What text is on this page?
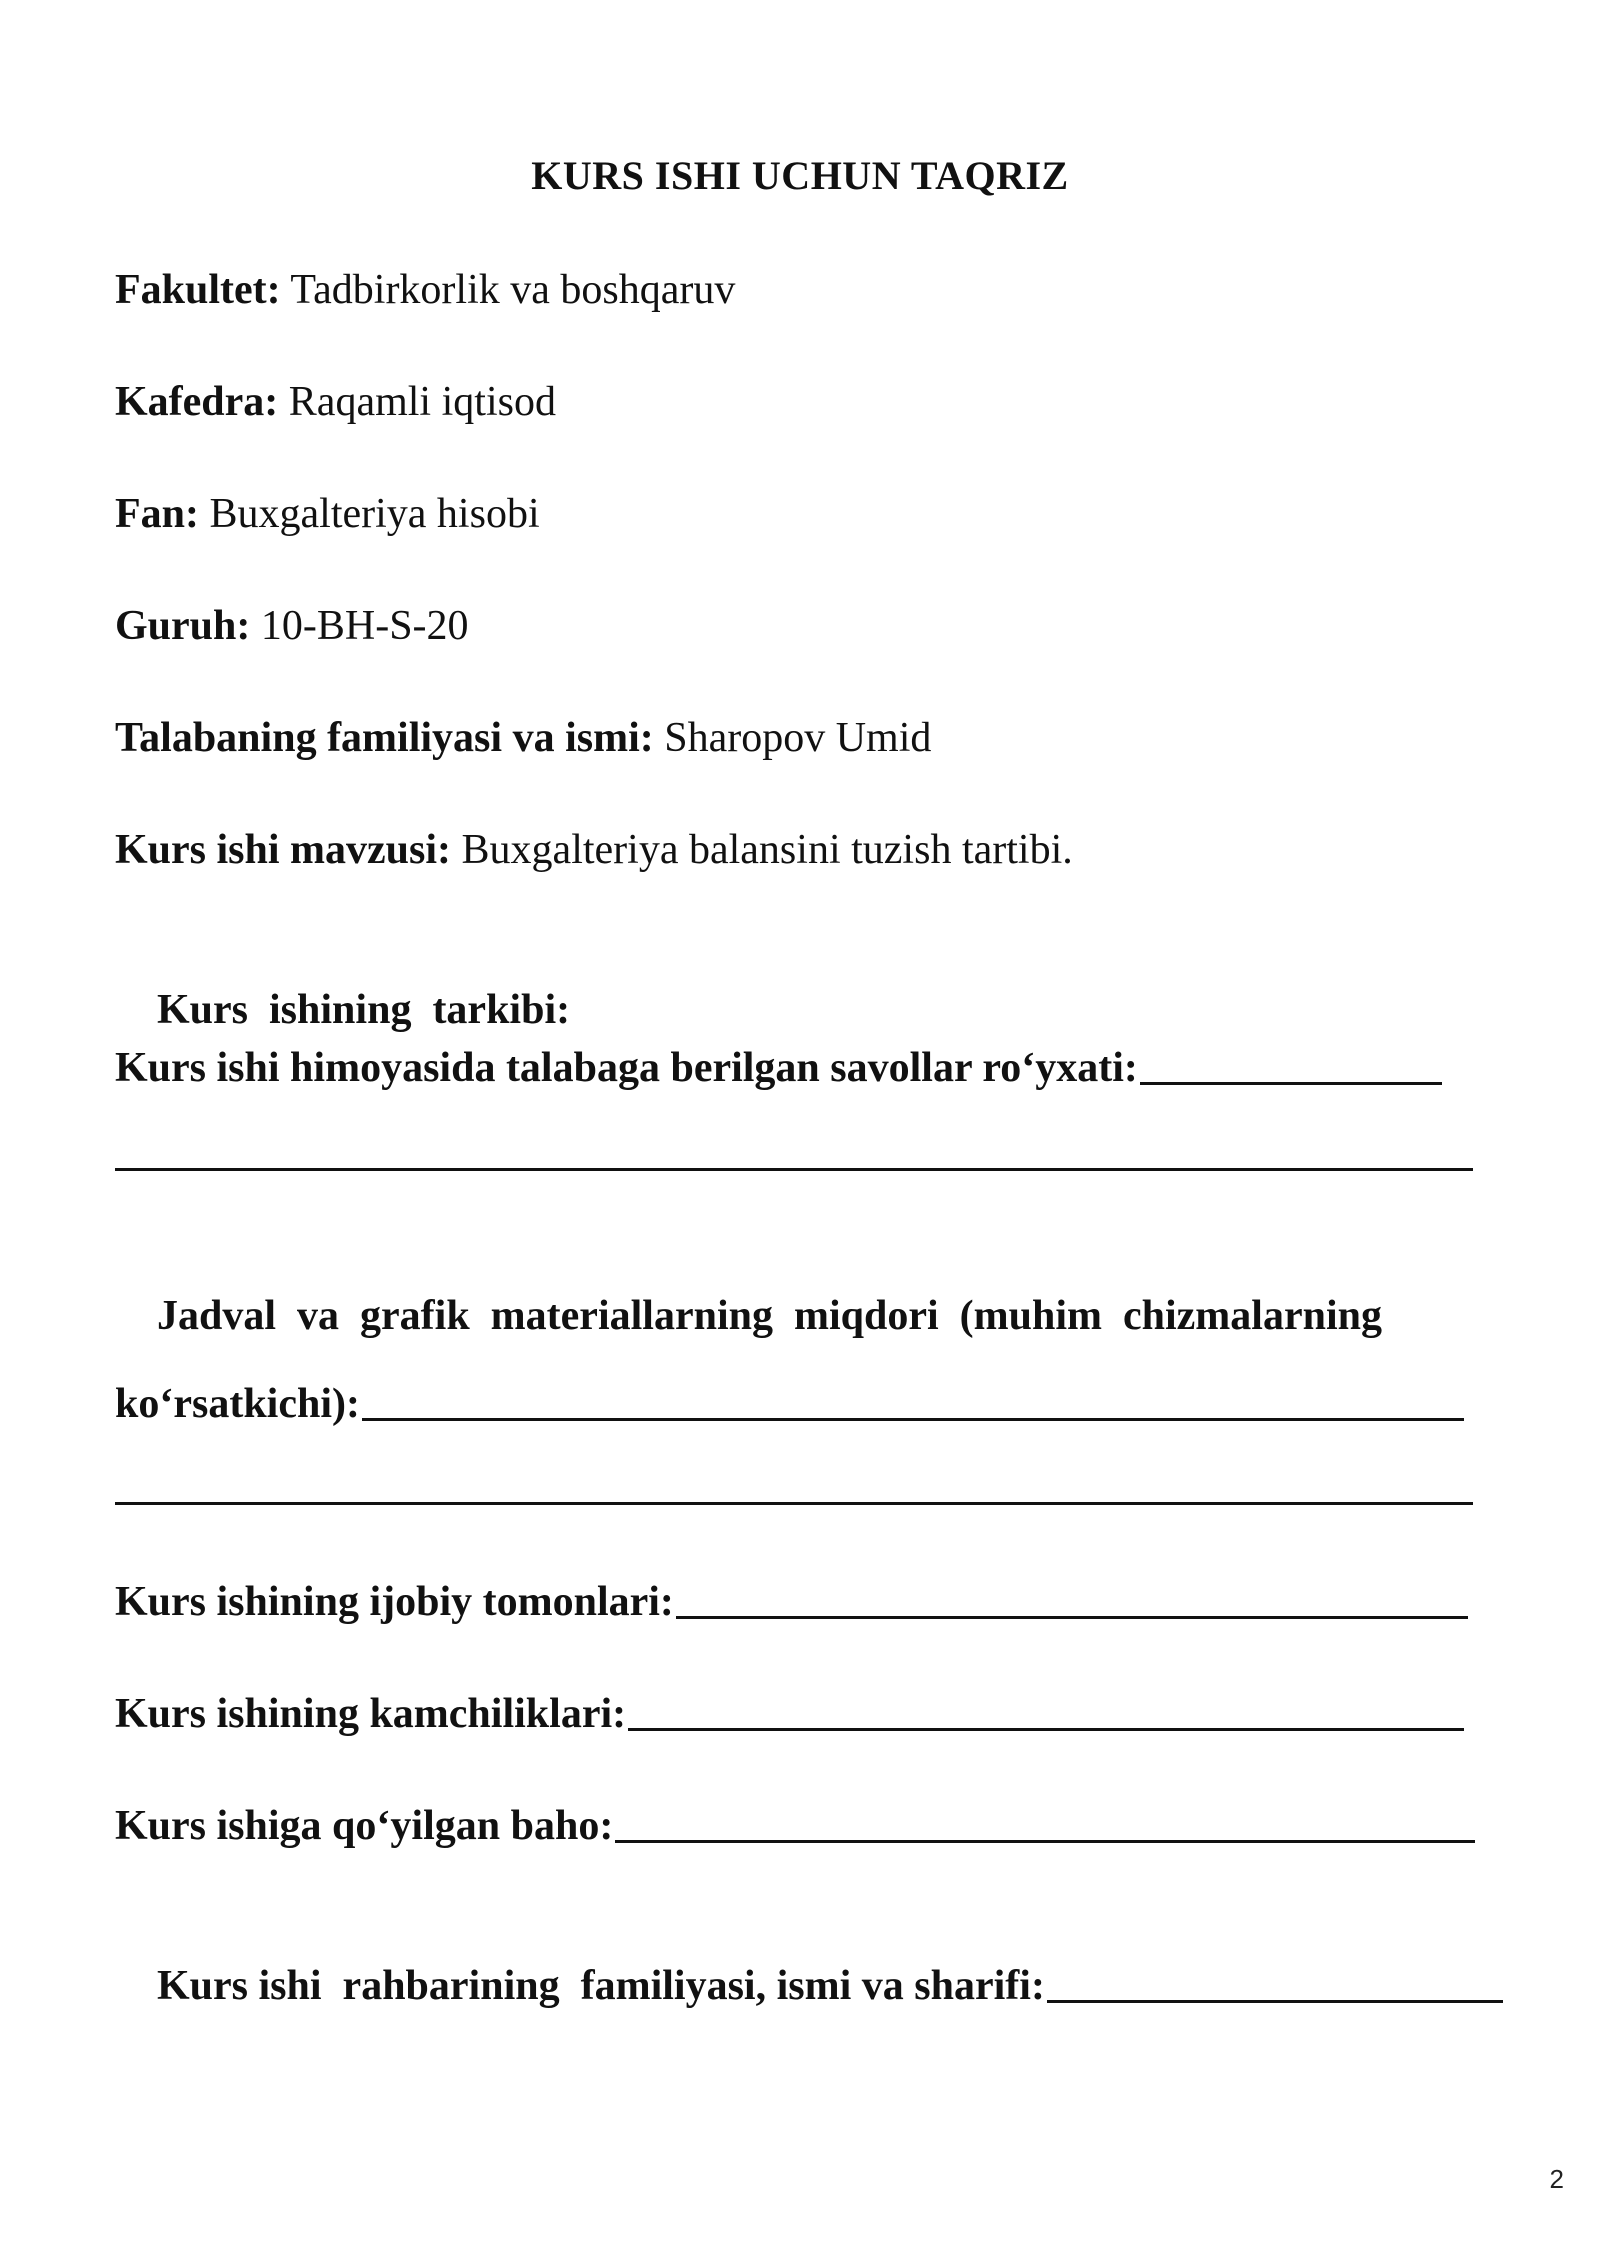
KURS ISHI UCHUN TAQRIZ
Fakultet: Tadbirkorlik va boshqaruv
Kafedra: Raqamli iqtisod
Fan: Buxgalteriya hisobi
Guruh: 10-BH-S-20
Talabaning familiyasi va ismi: Sharopov Umid
Kurs ishi mavzusi: Buxgalteriya balansini tuzish tartibi.

Kurs  ishining  tarkibi:

Kurs ishi himoyasida talabaga berilgan savollar ro‘yxati:

Jadval  va  grafik  materiallarning  miqdori  (muhim  chizmalarning

ko‘rsatkichi):
Kurs ishining ijobiy tomonlari:
Kurs ishining kamchiliklari:
Kurs ishiga qo‘yilgan baho:

Kurs ishi  rahbarining  familiyasi, ismi va sharifi:

2
